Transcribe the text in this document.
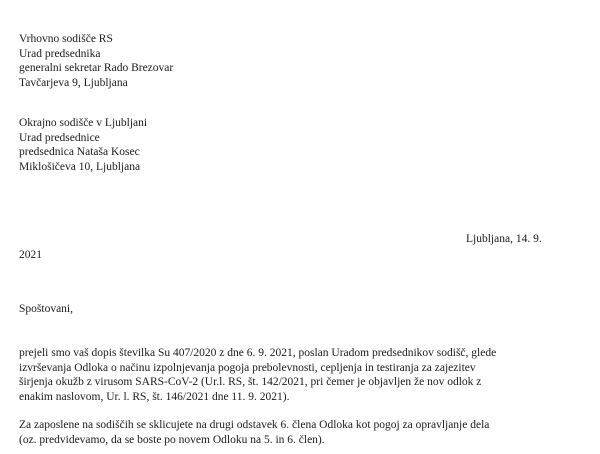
Vrhovno sodišče RS
Urad predsednika
generalni sekretar Rado Brezovar
Tavčarjeva 9, Ljubljana
Okrajno sodišče v Ljubljani
Urad predsednice
predsednica Nataša Kosec
Miklošičeva 10, Ljubljana
Ljubljana, 14. 9.
2021
Spoštovani,
prejeli smo vaš dopis številka Su 407/2020 z dne 6. 9. 2021, poslan Uradom predsednikov sodišč, glede
izvrševanja Odloka o načinu izpolnjevanja pogoja prebolevnosti, cepljenja in testiranja za zajezitev
širjenja okužb z virusom SARS-CoV-2 (Ur.l. RS, št. 142/2021, pri čemer je objavljen že nov odlok z
enakim naslovom, Ur. l. RS, št. 146/2021 dne 11. 9. 2021).
Za zaposlene na sodiščih se sklicujete na drugi odstavek 6. člena Odloka kot pogoj za opravljanje dela
(oz. predvidevamo, da se boste po novem Odloku na 5. in 6. člen).
